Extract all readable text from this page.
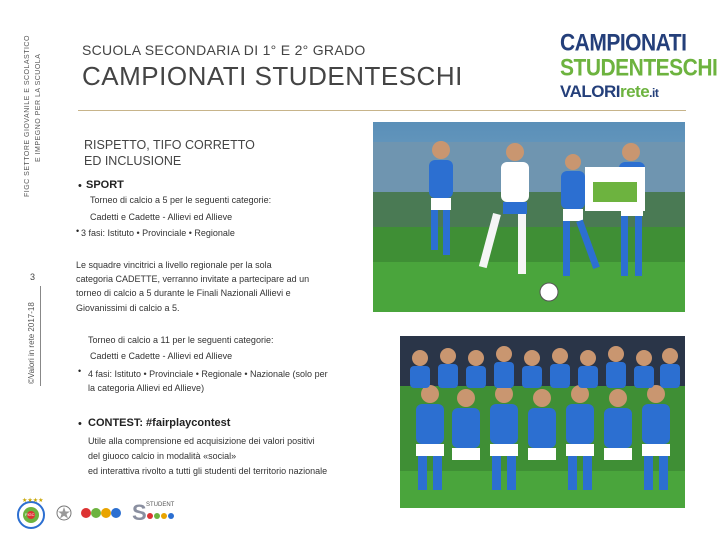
FIGC SETTORE GIOVANILE E SCOLASTICO E IMPEGNO PER LA SCUOLA
3
©Valori in rete 2017-18
SCUOLA SECONDARIA DI 1° E 2° GRADO
CAMPIONATI STUDENTESCHI
CAMPIONATI
STUDENTESCHI
VALORIrete.it
RISPETTO, TIFO CORRETTO
ED INCLUSIONE
• SPORT
Torneo di calcio a 5 per le seguenti categorie:
Cadetti e Cadette - Allievi ed Allieve
• 3 fasi: Istituto • Provinciale • Regionale
Le squadre vincitrici a livello regionale per la sola
categoria CADETTE, verranno invitate a partecipare ad un
torneo di calcio a 5 durante le Finali Nazionali Allievi e
Giovanissimi di calcio a 5.
Torneo di calcio a 11 per le seguenti categorie:
Cadetti e Cadette - Allievi ed Allieve
• 4 fasi: Istituto • Provinciale • Regionale • Nazionale (solo per
la categoria Allievi ed Allieve)
• CONTEST: #fairplaycontest
Utile alla comprensione ed acquisizione dei valori positivi
del giuoco calcio in modalità «social»
ed interattiva rivolto a tutti gli studenti del territorio nazionale
★★★★
FIGC	S STUDENT
